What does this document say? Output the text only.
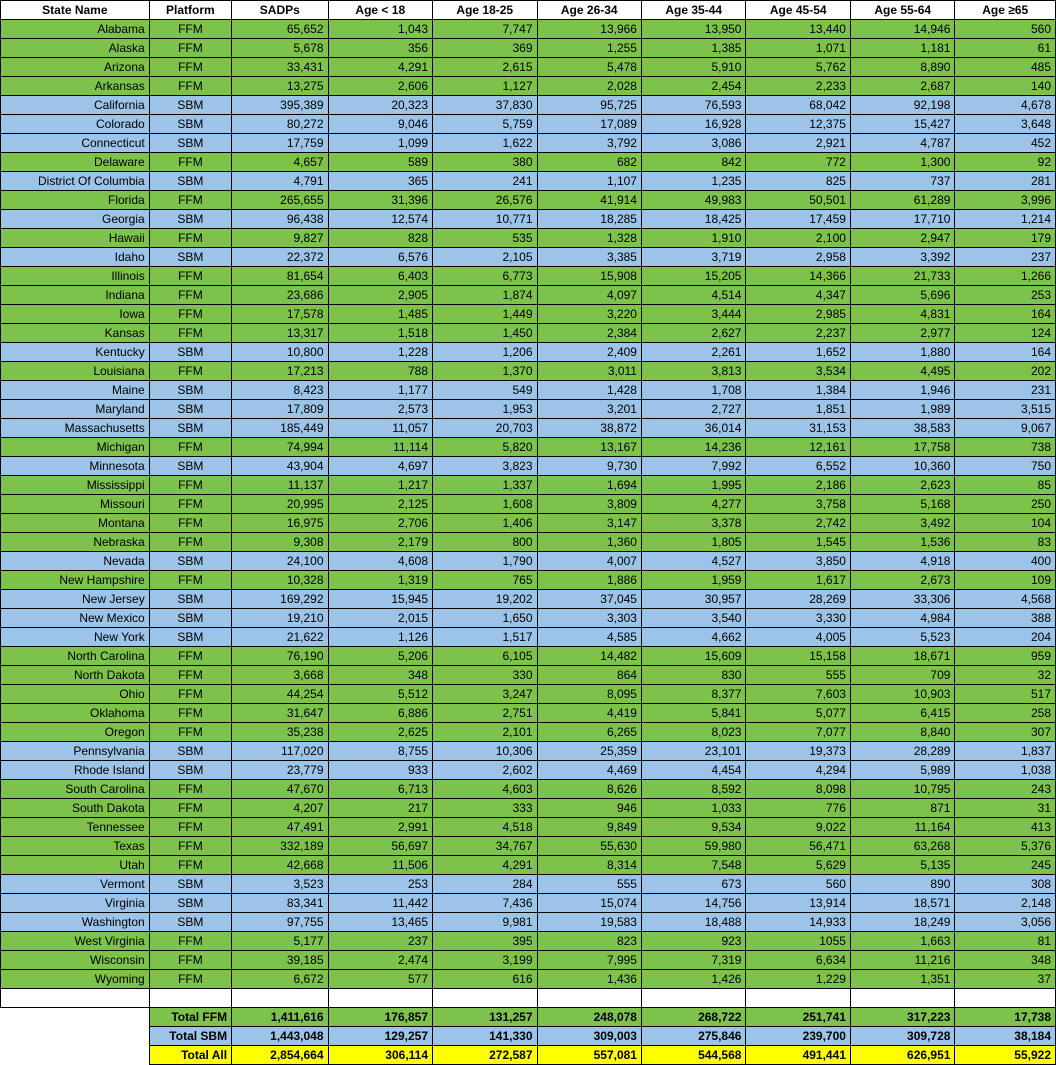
State Name	Platform	SADPs	Age < 18	Age 18-25	Age 26-34	Age 35-44	Age 45-54	Age 55-64	Age ≥65
Alabama	FFM	65,652	1,043	7,747	13,966	13,950	13,440	14,946	560
Alaska	FFM	5,678	356	369	1,255	1,385	1,071	1,181	61
Arizona	FFM	33,431	4,291	2,615	5,478	5,910	5,762	8,890	485
Arkansas	FFM	13,275	2,606	1,127	2,028	2,454	2,233	2,687	140
California	SBM	395,389	20,323	37,830	95,725	76,593	68,042	92,198	4,678
Colorado	SBM	80,272	9,046	5,759	17,089	16,928	12,375	15,427	3,648
Connecticut	SBM	17,759	1,099	1,622	3,792	3,086	2,921	4,787	452
Delaware	FFM	4,657	589	380	682	842	772	1,300	92
District Of Columbia	SBM	4,791	365	241	1,107	1,235	825	737	281
Florida	FFM	265,655	31,396	26,576	41,914	49,983	50,501	61,289	3,996
Georgia	SBM	96,438	12,574	10,771	18,285	18,425	17,459	17,710	1,214
Hawaii	FFM	9,827	828	535	1,328	1,910	2,100	2,947	179
Idaho	SBM	22,372	6,576	2,105	3,385	3,719	2,958	3,392	237
Illinois	FFM	81,654	6,403	6,773	15,908	15,205	14,366	21,733	1,266
Indiana	FFM	23,686	2,905	1,874	4,097	4,514	4,347	5,696	253
Iowa	FFM	17,578	1,485	1,449	3,220	3,444	2,985	4,831	164
Kansas	FFM	13,317	1,518	1,450	2,384	2,627	2,237	2,977	124
Kentucky	SBM	10,800	1,228	1,206	2,409	2,261	1,652	1,880	164
Louisiana	FFM	17,213	788	1,370	3,011	3,813	3,534	4,495	202
Maine	SBM	8,423	1,177	549	1,428	1,708	1,384	1,946	231
Maryland	SBM	17,809	2,573	1,953	3,201	2,727	1,851	1,989	3,515
Massachusetts	SBM	185,449	11,057	20,703	38,872	36,014	31,153	38,583	9,067
Michigan	FFM	74,994	11,114	5,820	13,167	14,236	12,161	17,758	738
Minnesota	SBM	43,904	4,697	3,823	9,730	7,992	6,552	10,360	750
Mississippi	FFM	11,137	1,217	1,337	1,694	1,995	2,186	2,623	85
Missouri	FFM	20,995	2,125	1,608	3,809	4,277	3,758	5,168	250
Montana	FFM	16,975	2,706	1,406	3,147	3,378	2,742	3,492	104
Nebraska	FFM	9,308	2,179	800	1,360	1,805	1,545	1,536	83
Nevada	SBM	24,100	4,608	1,790	4,007	4,527	3,850	4,918	400
New Hampshire	FFM	10,328	1,319	765	1,886	1,959	1,617	2,673	109
New Jersey	SBM	169,292	15,945	19,202	37,045	30,957	28,269	33,306	4,568
New Mexico	SBM	19,210	2,015	1,650	3,303	3,540	3,330	4,984	388
New York	SBM	21,622	1,126	1,517	4,585	4,662	4,005	5,523	204
North Carolina	FFM	76,190	5,206	6,105	14,482	15,609	15,158	18,671	959
North Dakota	FFM	3,668	348	330	864	830	555	709	32
Ohio	FFM	44,254	5,512	3,247	8,095	8,377	7,603	10,903	517
Oklahoma	FFM	31,647	6,886	2,751	4,419	5,841	5,077	6,415	258
Oregon	FFM	35,238	2,625	2,101	6,265	8,023	7,077	8,840	307
Pennsylvania	SBM	117,020	8,755	10,306	25,359	23,101	19,373	28,289	1,837
Rhode Island	SBM	23,779	933	2,602	4,469	4,454	4,294	5,989	1,038
South Carolina	FFM	47,670	6,713	4,603	8,626	8,592	8,098	10,795	243
South Dakota	FFM	4,207	217	333	946	1,033	776	871	31
Tennessee	FFM	47,491	2,991	4,518	9,849	9,534	9,022	11,164	413
Texas	FFM	332,189	56,697	34,767	55,630	59,980	56,471	63,268	5,376
Utah	FFM	42,668	11,506	4,291	8,314	7,548	5,629	5,135	245
Vermont	SBM	3,523	253	284	555	673	560	890	308
Virginia	SBM	83,341	11,442	7,436	15,074	14,756	13,914	18,571	2,148
Washington	SBM	97,755	13,465	9,981	19,583	18,488	14,933	18,249	3,056
West Virginia	FFM	5,177	237	395	823	923	1055	1,663	81
Wisconsin	FFM	39,185	2,474	3,199	7,995	7,319	6,634	11,216	348
Wyoming	FFM	6,672	577	616	1,436	1,426	1,229	1,351	37

	Total FFM	1,411,616	176,857	131,257	248,078	268,722	251,741	317,223	17,738
	Total SBM	1,443,048	129,257	141,330	309,003	275,846	239,700	309,728	38,184
	Total All	2,854,664	306,114	272,587	557,081	544,568	491,441	626,951	55,922
